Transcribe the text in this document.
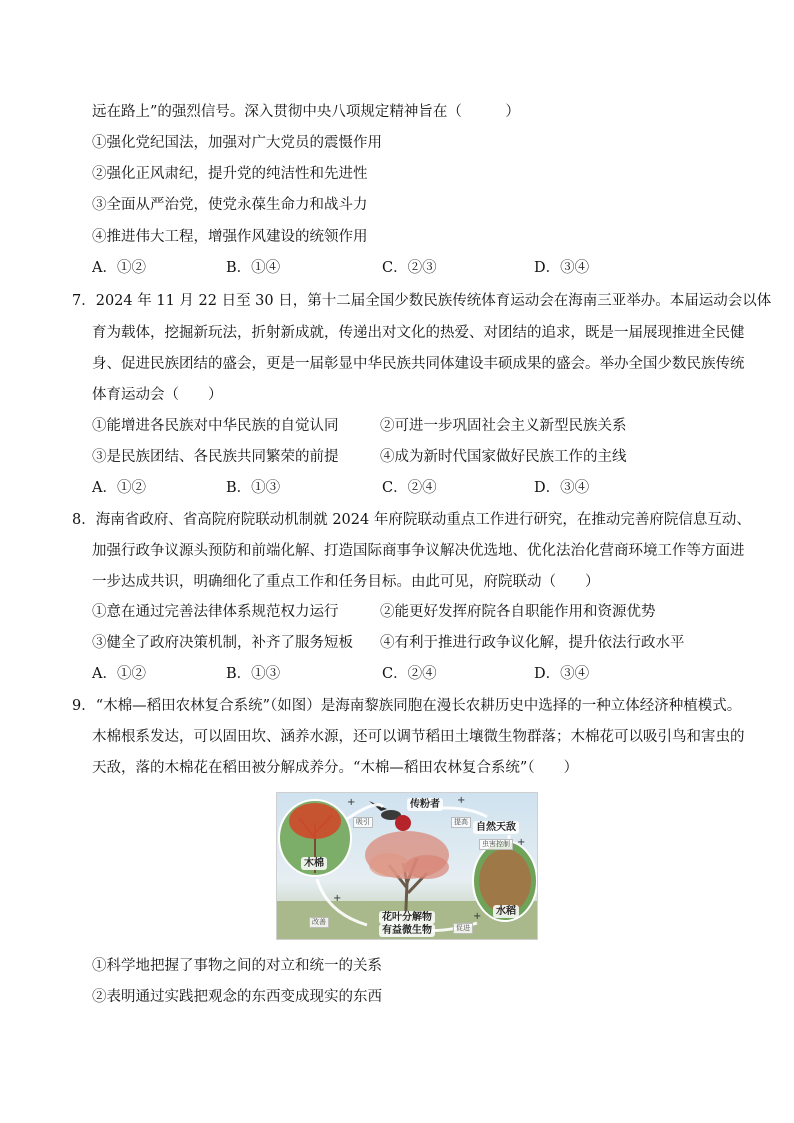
远在路上”的强烈信号。深入贯彻中央八项规定精神旨在（　　　）
①强化党纪国法，加强对广大党员的震慑作用
②强化正风肃纪，提升党的纯洁性和先进性
③全面从严治党，使党永葆生命力和战斗力
④推进伟大工程，增强作风建设的统领作用
A．①②	B．①④	C．②③	D．③④
7．2024 年 11 月 22 日至 30 日，第十二届全国少数民族传统体育运动会在海南三亚举办。本届运动会以体
育为载体，挖掘新玩法，折射新成就，传递出对文化的热爱、对团结的追求，既是一届展现推进全民健
身、促进民族团结的盛会，更是一届彰显中华民族共同体建设丰硕成果的盛会。举办全国少数民族传统
体育运动会（　　）
①能增进各民族对中华民族的自觉认同	②可进一步巩固社会主义新型民族关系
③是民族团结、各民族共同繁荣的前提	④成为新时代国家做好民族工作的主线
A．①②	B．①③	C．②④	D．③④
8．海南省政府、省高院府院联动机制就 2024 年府院联动重点工作进行研究，在推动完善府院信息互动、
加强行政争议源头预防和前端化解、打造国际商事争议解决优选地、优化法治化营商环境工作等方面进
一步达成共识，明确细化了重点工作和任务目标。由此可见，府院联动（　　）
①意在通过完善法律体系规范权力运行	②能更好发挥府院各自职能作用和资源优势
③健全了政府决策机制，补齐了服务短板 ④有利于推进行政争议化解，提升依法行政水平
A．①②	B．①③	C．②④	D．③④
9．“木棉—稻田农林复合系统”（如图）是海南黎族同胞在漫长农耕历史中选择的一种立体经济种植模式。
木棉根系发达，可以固田坎、涵养水源，还可以调节稻田土壤微生物群落；木棉花可以吸引鸟和害虫的
天敌，落的木棉花在稻田被分解成养分。“木棉—稻田农林复合系统”（　　）
传粉者
吸引	提高 自然天敌
虫害控制
木棉
水稻
花叶分解物
有益微生物
改善
促进
+	+
+
+
+
①科学地把握了事物之间的对立和统一的关系
②表明通过实践把观念的东西变成现实的东西
